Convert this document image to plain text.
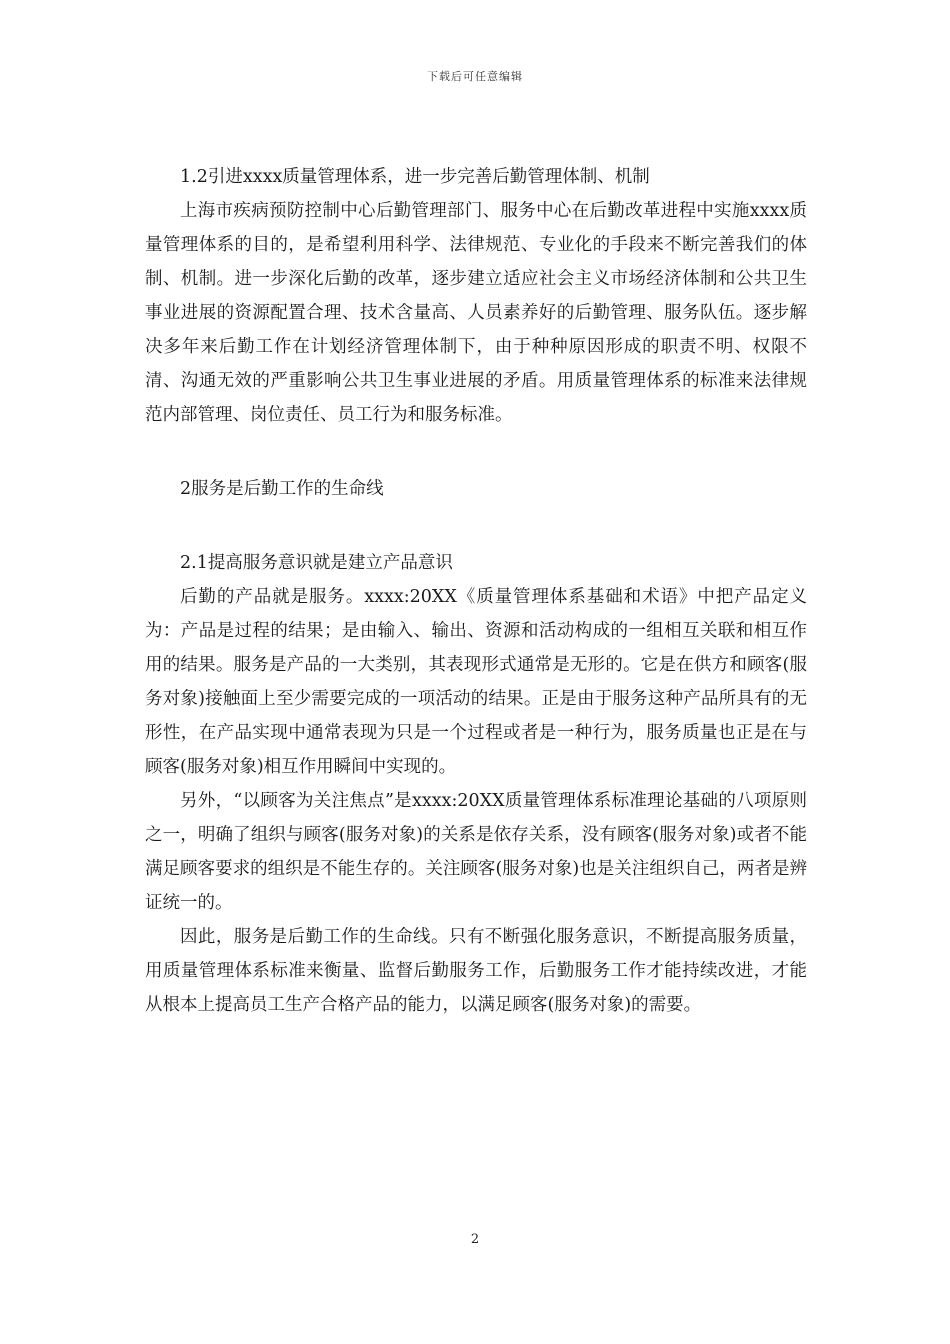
下载后可任意编辑

1.2引进xxxx质量管理体系，进一步完善后勤管理体制、机制

上海市疾病预防控制中心后勤管理部门、服务中心在后勤改革进程中实施xxxx质量管理体系的目的，是希望利用科学、法律规范、专业化的手段来不断完善我们的体制、机制。进一步深化后勤的改革，逐步建立适应社会主义市场经济体制和公共卫生事业进展的资源配置合理、技术含量高、人员素养好的后勤管理、服务队伍。逐步解决多年来后勤工作在计划经济管理体制下，由于种种原因形成的职责不明、权限不清、沟通无效的严重影响公共卫生事业进展的矛盾。用质量管理体系的标准来法律规范内部管理、岗位责任、员工行为和服务标准。

2服务是后勤工作的生命线

2.1提高服务意识就是建立产品意识

后勤的产品就是服务。xxxx:20XX《质量管理体系基础和术语》中把产品定义为：产品是过程的结果；是由输入、输出、资源和活动构成的一组相互关联和相互作用的结果。服务是产品的一大类别，其表现形式通常是无形的。它是在供方和顾客(服务对象)接触面上至少需要完成的一项活动的结果。正是由于服务这种产品所具有的无形性，在产品实现中通常表现为只是一个过程或者是一种行为，服务质量也正是在与顾客(服务对象)相互作用瞬间中实现的。

另外，“以顾客为关注焦点”是xxxx:20XX质量管理体系标准理论基础的八项原则之一，明确了组织与顾客(服务对象)的关系是依存关系，没有顾客(服务对象)或者不能满足顾客要求的组织是不能生存的。关注顾客(服务对象)也是关注组织自己，两者是辨证统一的。

因此，服务是后勤工作的生命线。只有不断强化服务意识，不断提高服务质量，用质量管理体系标准来衡量、监督后勤服务工作，后勤服务工作才能持续改进，才能从根本上提高员工生产合格产品的能力，以满足顾客(服务对象)的需要。

2
